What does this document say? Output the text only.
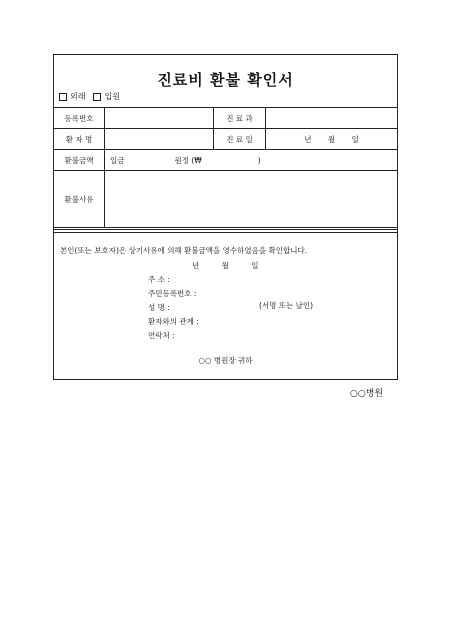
진료비 환불 확인서
외래 입원
등록번호		진 료 과	
환 자 명		진 료 일	년 월 일
환불금액	일금 원정 (₩ )		
환불사유			
본인(또는 보호자)은 상기사유에 의해 환불금액을 영수하였음을 확인합니다.
년 월 일
주 소 :
주민등록번호 :
성 명 :
환자와의 관계 :
연락처 :
(서명 또는 날인)
○○ 병원장 귀하
○○병원
